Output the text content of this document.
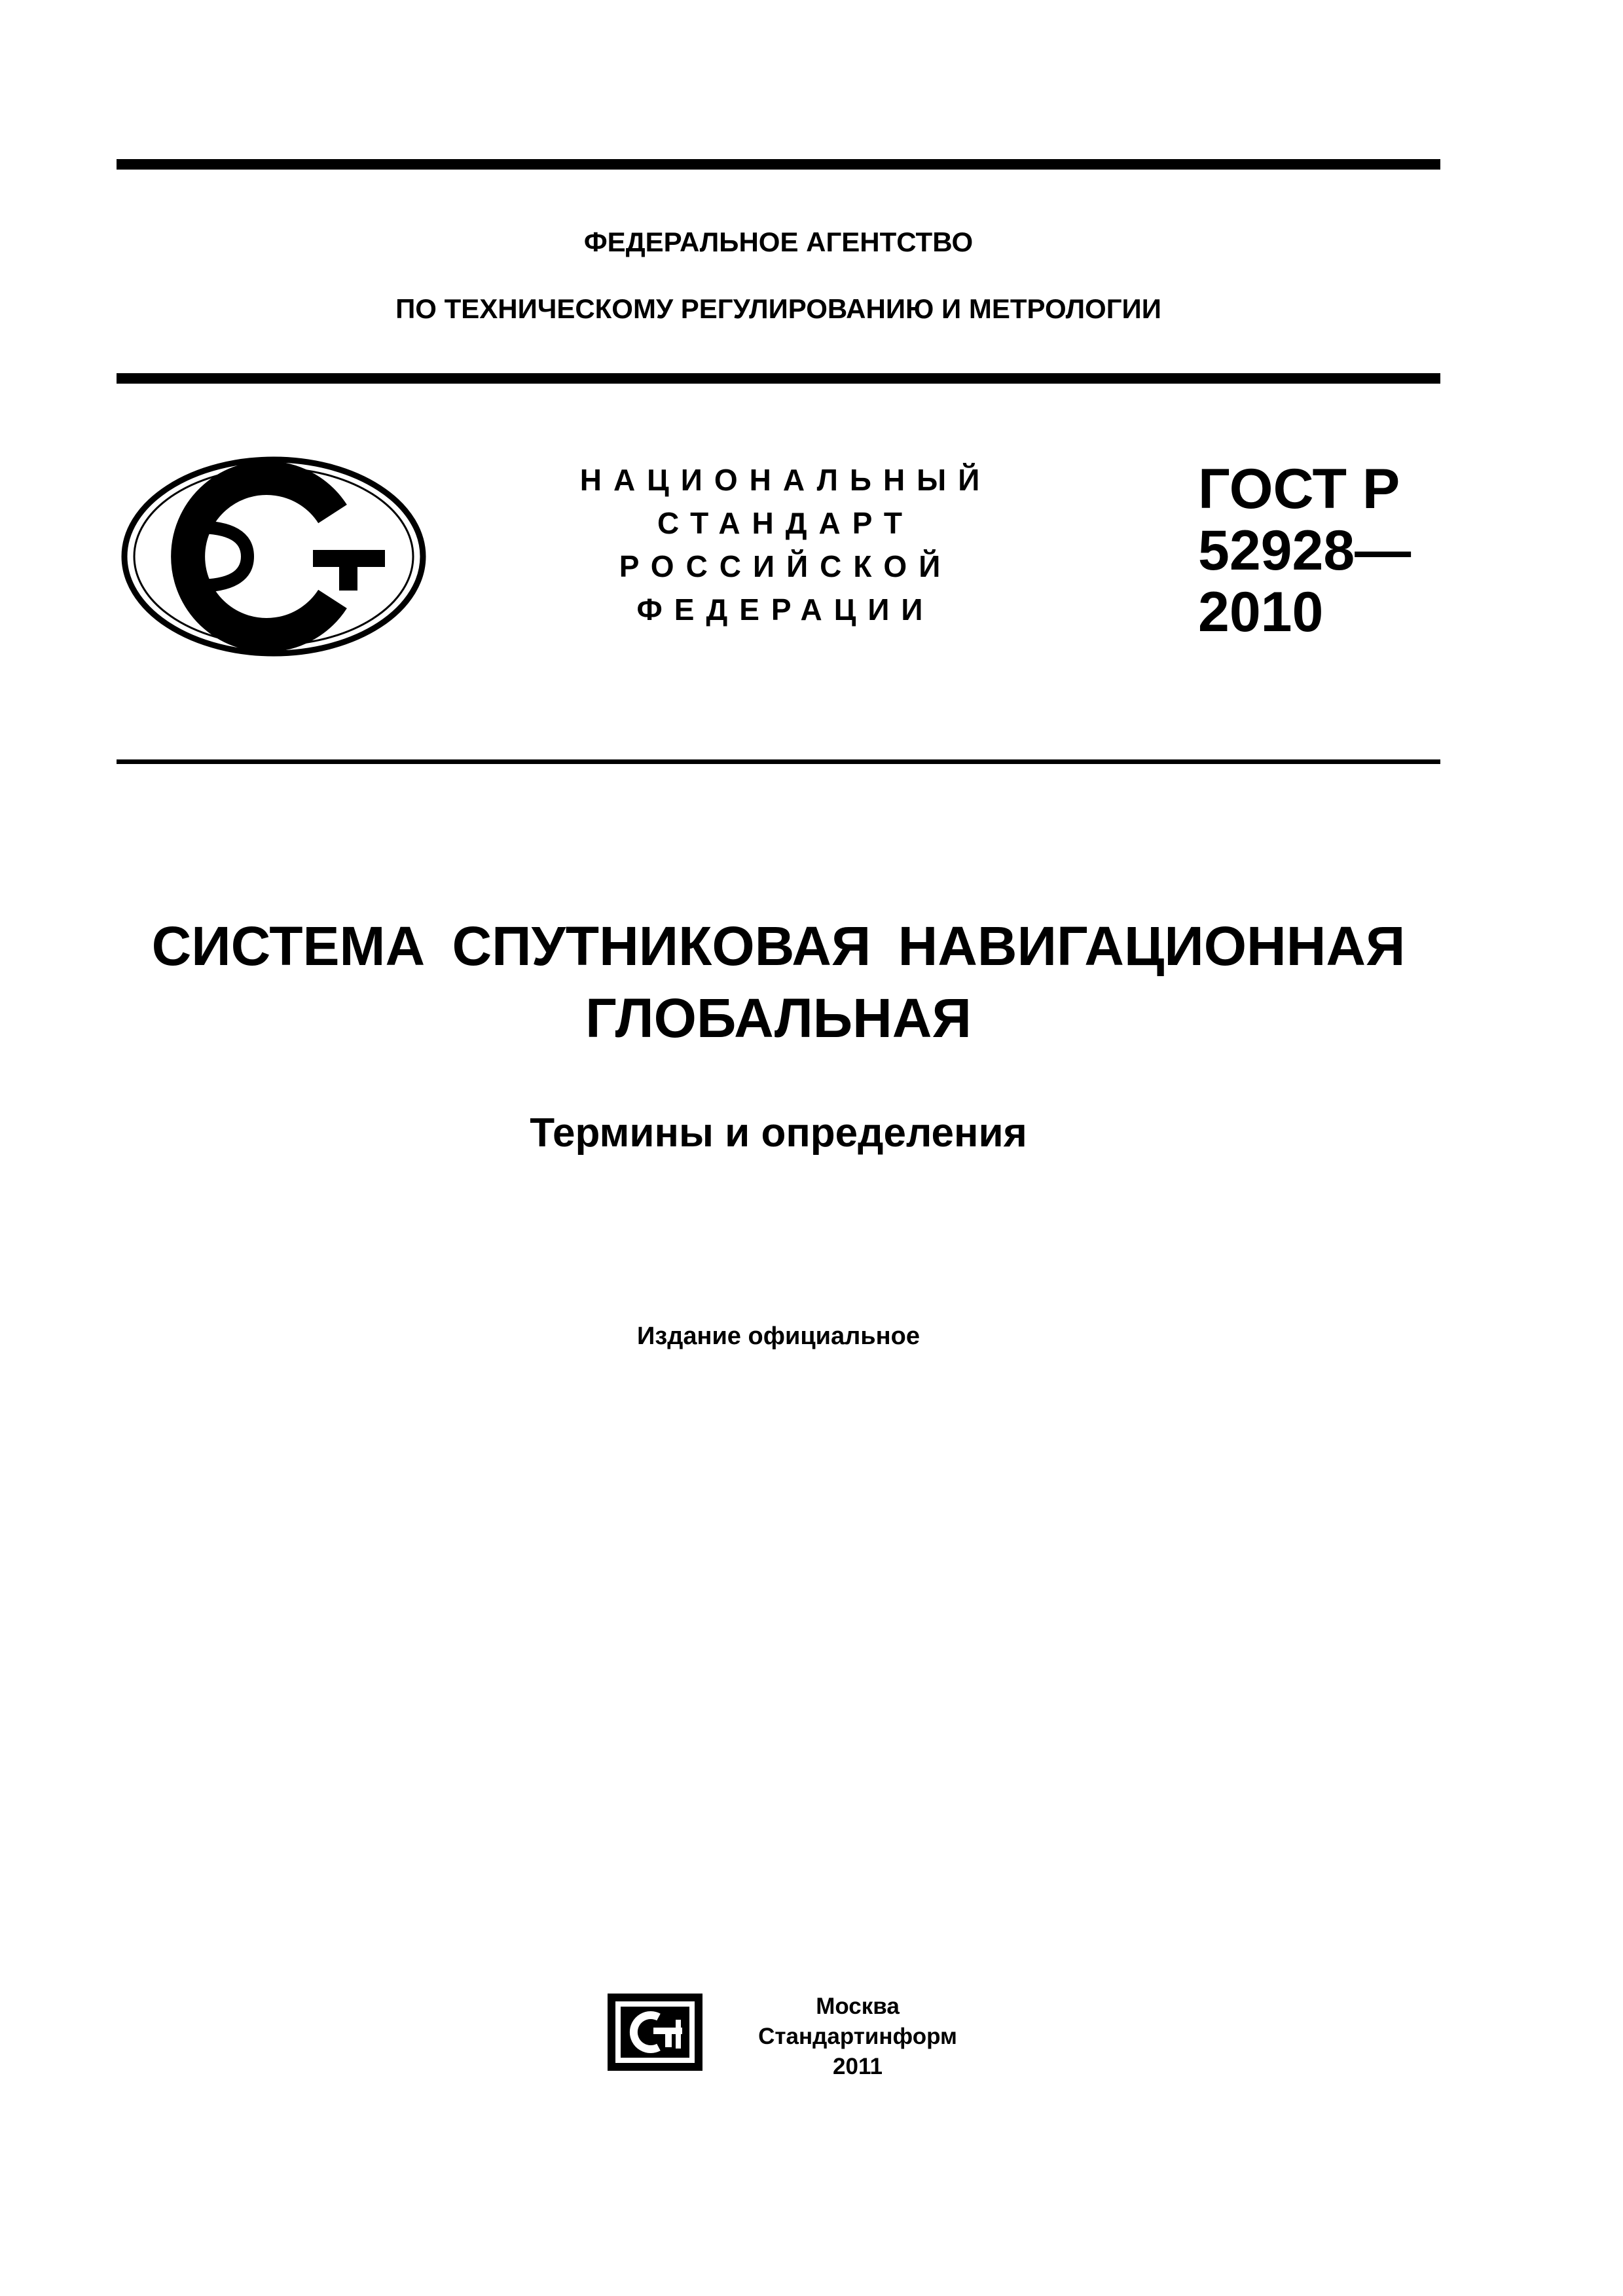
ФЕДЕРАЛЬНОЕ АГЕНТСТВО
ПО ТЕХНИЧЕСКОМУ РЕГУЛИРОВАНИЮ И МЕТРОЛОГИИ
НАЦИОНАЛЬНЫЙ
СТАНДАРТ
РОССИЙСКОЙ
ФЕДЕРАЦИИ
ГОСТ Р
52928—
2010
СИСТЕМА СПУТНИКОВАЯ НАВИГАЦИОННАЯ
ГЛОБАЛЬНАЯ
Термины и определения
Издание официальное
Москва
Стандартинформ
2011
